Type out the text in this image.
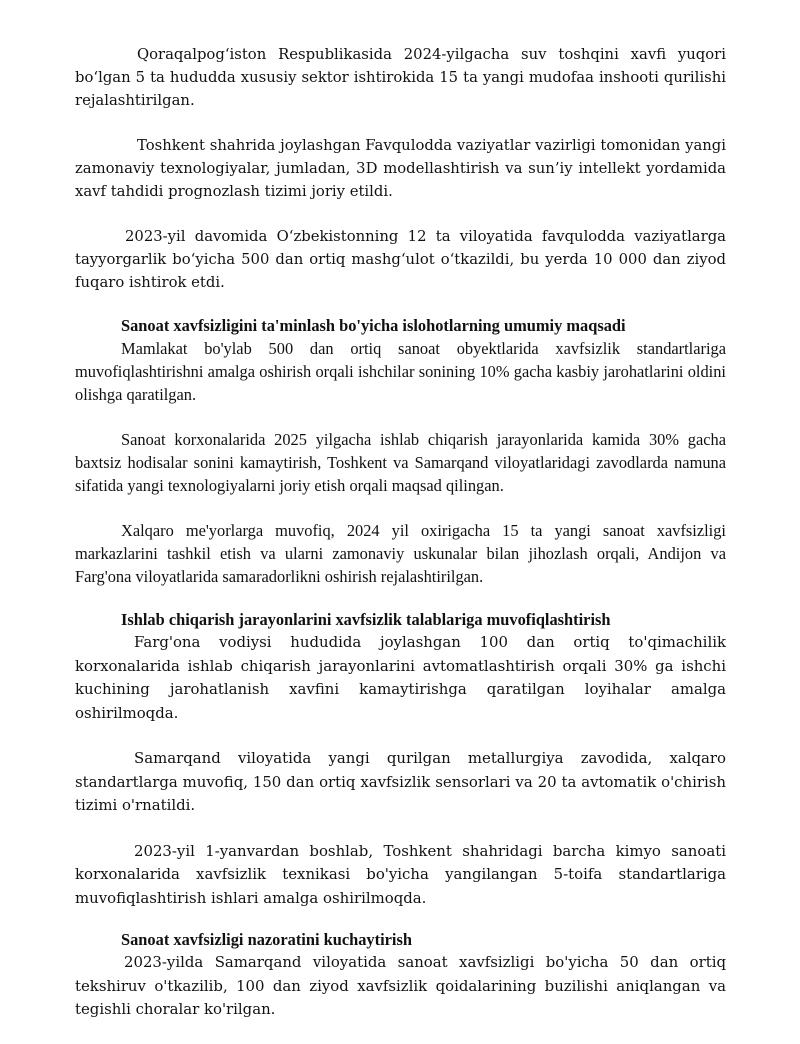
Qoraqalpog‘iston Respublikasida 2024-yilgacha suv toshqini xavfi yuqori bo‘lgan 5 ta hududda xususiy sektor ishtirokida 15 ta yangi mudofaa inshooti qurilishi rejalashtirilgan.

Toshkent shahrida joylashgan Favqulodda vaziyatlar vazirligi tomonidan yangi zamonaviy texnologiyalar, jumladan, 3D modellashtirish va sun’iy intellekt yordamida xavf tahdidi prognozlash tizimi joriy etildi.

2023-yil davomida O‘zbekistonning 12 ta viloyatida favqulodda vaziyatlarga tayyorgarlik bo‘yicha 500 dan ortiq mashg‘ulot o‘tkazildi, bu yerda 10 000 dan ziyod fuqaro ishtirok etdi.

Sanoat xavfsizligini ta'minlash bo'yicha islohotlarning umumiy maqsadi

Mamlakat bo'ylab 500 dan ortiq sanoat obyektlarida xavfsizlik standartlariga muvofiqlashtirishni amalga oshirish orqali ishchilar sonining 10% gacha kasbiy jarohatlarini oldini olishga qaratilgan.

Sanoat korxonalarida 2025 yilgacha ishlab chiqarish jarayonlarida kamida 30% gacha baxtsiz hodisalar sonini kamaytirish, Toshkent va Samarqand viloyatlaridagi zavodlarda namuna sifatida yangi texnologiyalarni joriy etish orqali maqsad qilingan.

Xalqaro me'yorlarga muvofiq, 2024 yil oxirigacha 15 ta yangi sanoat xavfsizligi markazlarini tashkil etish va ularni zamonaviy uskunalar bilan jihozlash orqali, Andijon va Farg'ona viloyatlarida samaradorlikni oshirish rejalashtirilgan.

Ishlab chiqarish jarayonlarini xavfsizlik talablariga muvofiqlashtirish

Farg'ona vodiysi hududida joylashgan 100 dan ortiq to'qimachilik korxonalarida ishlab chiqarish jarayonlarini avtomatlashtirish orqali 30% ga ishchi kuchining jarohatlanish xavfini kamaytirishga qaratilgan loyihalar amalga oshirilmoqda.

Samarqand viloyatida yangi qurilgan metallurgiya zavodida, xalqaro standartlarga muvofiq, 150 dan ortiq xavfsizlik sensorlari va 20 ta avtomatik o'chirish tizimi o'rnatildi.

2023-yil 1-yanvardan boshlab, Toshkent shahridagi barcha kimyo sanoati korxonalarida xavfsizlik texnikasi bo'yicha yangilangan 5-toifa standartlariga muvofiqlashtirish ishlari amalga oshirilmoqda.

Sanoat xavfsizligi nazoratini kuchaytirish

2023-yilda Samarqand viloyatida sanoat xavfsizligi bo'yicha 50 dan ortiq tekshiruv o'tkazilib, 100 dan ziyod xavfsizlik qoidalarining buzilishi aniqlangan va tegishli choralar ko'rilgan.
